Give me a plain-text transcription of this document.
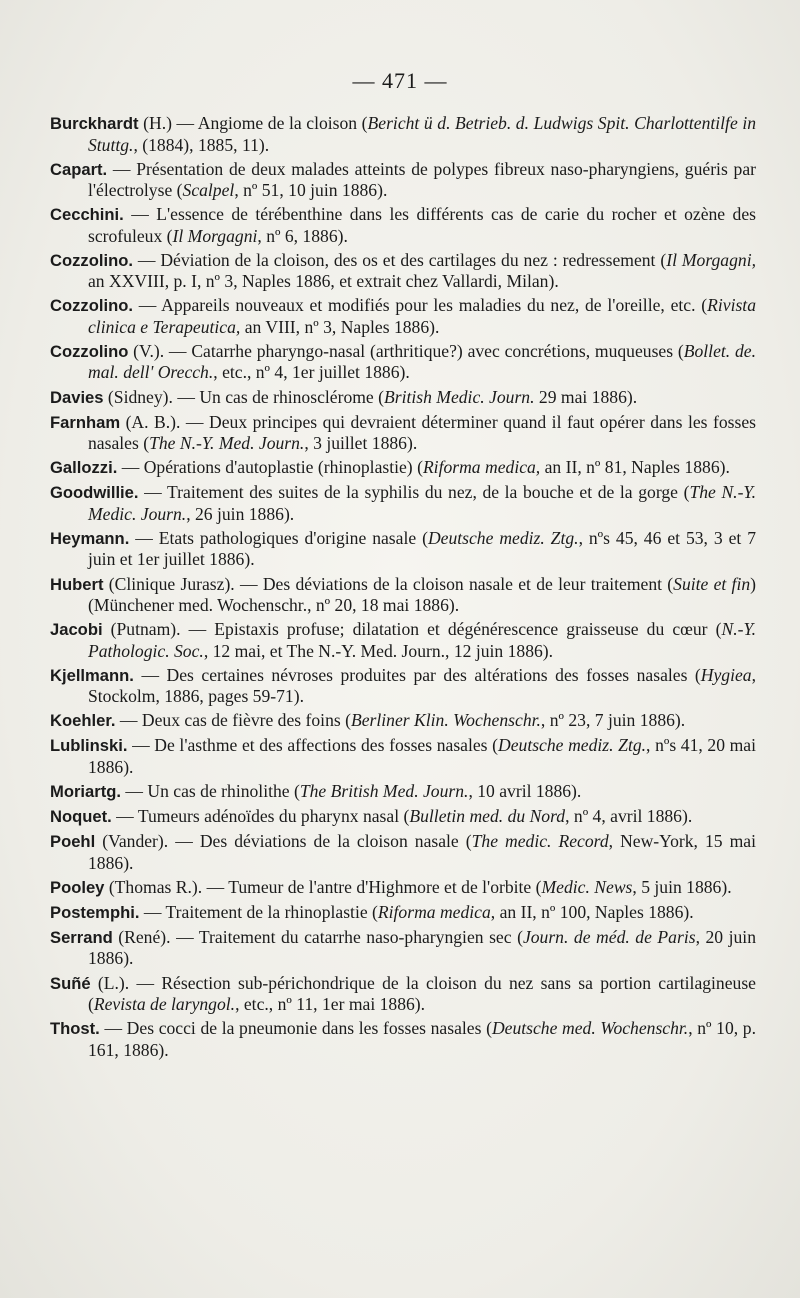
— 471 —
Burckhardt (H.) — Angiome de la cloison (Bericht ü d. Betrieb. d. Ludwigs Spit. Charlottentilfe in Stuttg., (1884), 1885, 11).
Capart. — Présentation de deux malades atteints de polypes fibreux naso-pharyngiens, guéris par l'électrolyse (Scalpel, nº 51, 10 juin 1886).
Cecchini. — L'essence de térébenthine dans les différents cas de carie du rocher et ozène des scrofuleux (Il Morgagni, nº 6, 1886).
Cozzolino. — Déviation de la cloison, des os et des cartilages du nez : redressement (Il Morgagni, an XXVIII, p. I, nº 3, Naples 1886, et extrait chez Vallardi, Milan).
Cozzolino. — Appareils nouveaux et modifiés pour les maladies du nez, de l'oreille, etc. (Rivista clinica e Terapeutica, an VIII, nº 3, Naples 1886).
Cozzolino (V.). — Catarrhe pharyngo-nasal (arthritique?) avec concrétions, muqueuses (Bollet. de. mal. dell' Orecch., etc., nº 4, 1er juillet 1886).
Davies (Sidney). — Un cas de rhinosclérome (British Medic. Journ. 29 mai 1886).
Farnham (A. B.). — Deux principes qui devraient déterminer quand il faut opérer dans les fosses nasales (The N.-Y. Med. Journ., 3 juillet 1886).
Gallozzi. — Opérations d'autoplastie (rhinoplastie) (Riforma medica, an II, nº 81, Naples 1886).
Goodwillie. — Traitement des suites de la syphilis du nez, de la bouche et de la gorge (The N.-Y. Medic. Journ., 26 juin 1886).
Heymann. — Etats pathologiques d'origine nasale (Deutsche mediz. Ztg., nºs 45, 46 et 53, 3 et 7 juin et 1er juillet 1886).
Hubert (Clinique Jurasz). — Des déviations de la cloison nasale et de leur traitement (Suite et fin) (Münchener med. Wochenschr., nº 20, 18 mai 1886).
Jacobi (Putnam). — Epistaxis profuse; dilatation et dégénérescence graisseuse du cœur (N.-Y. Pathologic. Soc., 12 mai, et The N.-Y. Med. Journ., 12 juin 1886).
Kjellmann. — Des certaines névroses produites par des altérations des fosses nasales (Hygiea, Stockolm, 1886, pages 59-71).
Koehler. — Deux cas de fièvre des foins (Berliner Klin. Wochenschr., nº 23, 7 juin 1886).
Lublinski. — De l'asthme et des affections des fosses nasales (Deutsche mediz. Ztg., nºs 41, 20 mai 1886).
Moriartg. — Un cas de rhinolithe (The British Med. Journ., 10 avril 1886).
Noquet. — Tumeurs adénoïdes du pharynx nasal (Bulletin med. du Nord, nº 4, avril 1886).
Poehl (Vander). — Des déviations de la cloison nasale (The medic. Record, New-York, 15 mai 1886).
Pooley (Thomas R.). — Tumeur de l'antre d'Highmore et de l'orbite (Medic. News, 5 juin 1886).
Postemphi. — Traitement de la rhinoplastie (Riforma medica, an II, nº 100, Naples 1886).
Serrand (René). — Traitement du catarrhe naso-pharyngien sec (Journ. de méd. de Paris, 20 juin 1886).
Suñé (L.). — Résection sub-périchondrique de la cloison du nez sans sa portion cartilagineuse (Revista de laryngol., etc., nº 11, 1er mai 1886).
Thost. — Des cocci de la pneumonie dans les fosses nasales (Deutsche med. Wochenschr., nº 10, p. 161, 1886).
